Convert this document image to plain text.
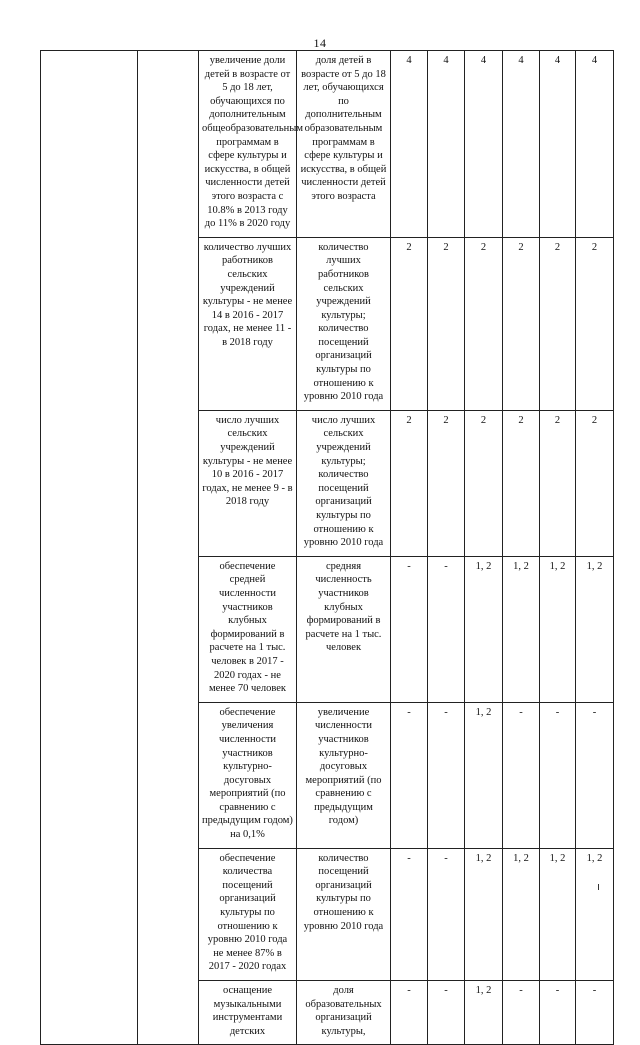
14
		увеличение доли детей в возрасте от 5 до 18 лет, обучающихся по дополнительным общеобразовательным программам в сфере культуры и искусства, в общей численности детей этого возраста с 10.8% в 2013 году до 11% в 2020 году	доля детей в возрасте от 5 до 18 лет, обучающихся по дополнительным образовательным программам в сфере культуры и искусства, в общей численности детей этого возраста	4	4	4	4	4	4
		количество лучших работников сельских учреждений культуры - не менее 14 в 2016 - 2017 годах, не менее 11 - в 2018 году	количество лучших работников сельских учреждений культуры; количество посещений организаций культуры по отношению к уровню 2010 года	2	2	2	2	2	2
		число лучших сельских учреждений культуры - не менее 10 в 2016 - 2017 годах, не менее 9 - в 2018 году	число лучших сельских учреждений культуры; количество посещений организаций культуры по отношению к уровню 2010 года	2	2	2	2	2	2
		обеспечение средней численности участников клубных формирований в расчете на 1 тыс. человек в 2017 - 2020 годах - не менее 70 человек	средняя численность участников клубных формирований в расчете на 1 тыс. человек	-	-	1, 2	1, 2	1, 2	1, 2
		обеспечение увеличения численности участников культурно-досуговых мероприятий (по сравнению с предыдущим годом) на 0,1%	увеличение численности участников культурно-досуговых мероприятий (по сравнению с предыдущим годом)	-	-	1, 2	-	-	-
		обеспечение количества посещений организаций культуры по отношению к уровню 2010 года не менее 87% в 2017 - 2020 годах	количество посещений организаций культуры по отношению к уровню 2010 года	-	-	1, 2	1, 2	1, 2	1, 2
		оснащение музыкальными инструментами детских	доля образовательных организаций культуры,	-	-	1, 2	-	-	-
